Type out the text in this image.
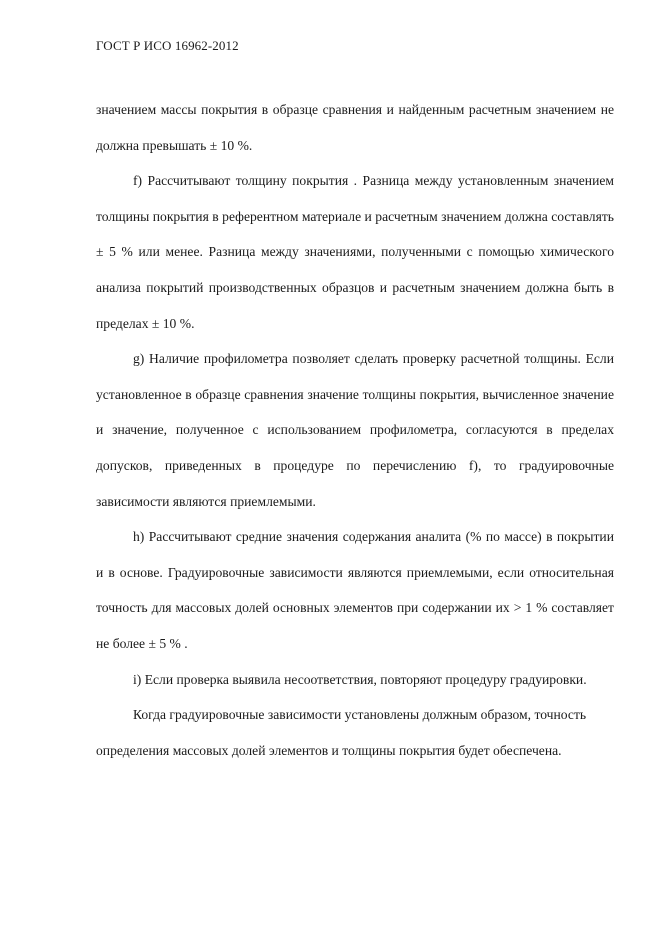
ГОСТ Р ИСО 16962-2012

значением массы покрытия в образце сравнения и найденным расчетным значением не должна превышать ± 10 %.

f) Рассчитывают толщину покрытия . Разница между установленным значением толщины покрытия в референтном материале и расчетным значением должна составлять ± 5 % или менее. Разница между значениями, полученными с помощью химического анализа покрытий производственных образцов и расчетным значением должна быть в пределах ± 10 %.

g) Наличие профилометра позволяет сделать проверку расчетной толщины. Если установленное в образце сравнения значение толщины покрытия, вычисленное значение и значение, полученное с использованием профилометра, согласуются в пределах допусков, приведенных в процедуре по перечислению f), то градуировочные зависимости являются приемлемыми.

h) Рассчитывают средние значения содержания аналита (% по массе) в покрытии и в основе. Градуировочные зависимости являются приемлемыми, если относительная точность для массовых долей основных элементов при содержании их > 1 % составляет не более ± 5 % .

i) Если проверка выявила несоответствия, повторяют процедуру градуировки.

Когда градуировочные зависимости установлены должным образом, точность определения массовых долей элементов и толщины покрытия будет обеспечена.
